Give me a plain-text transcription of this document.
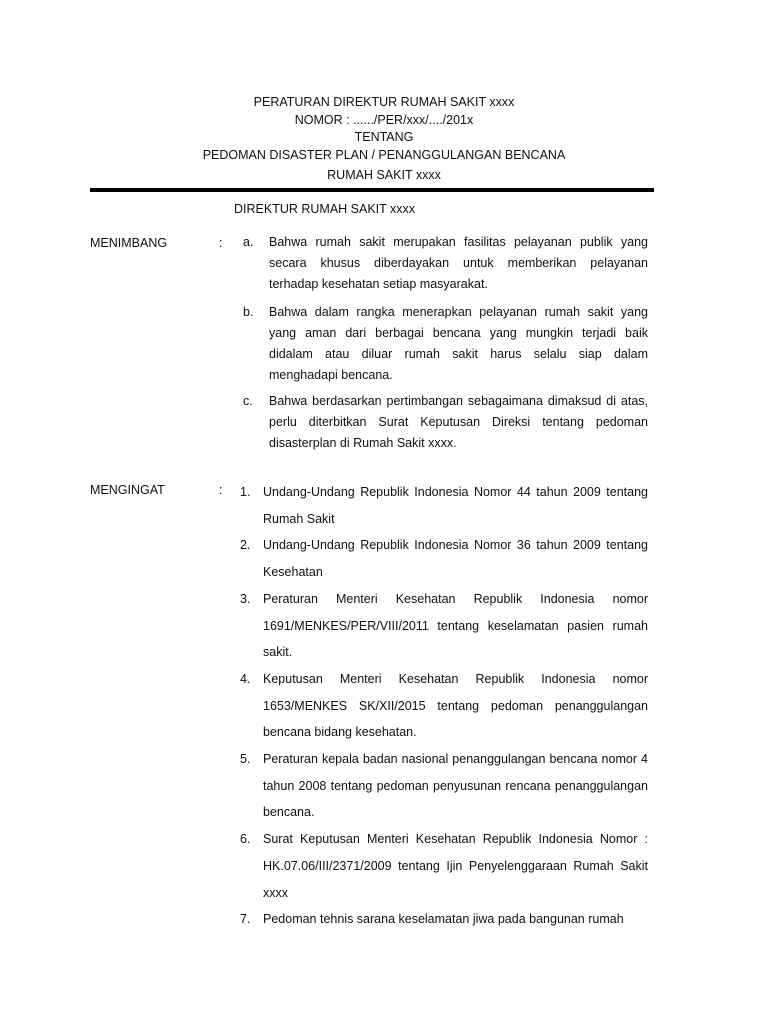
PERATURAN DIREKTUR RUMAH SAKIT xxxx
NOMOR : ....../PER/xxx/..../201x
TENTANG
PEDOMAN DISASTER PLAN / PENANGGULANGAN BENCANA
RUMAH SAKIT xxxx
DIREKTUR RUMAH SAKIT xxxx
MENIMBANG	: a.	Bahwa rumah sakit merupakan fasilitas pelayanan publik yang secara khusus diberdayakan untuk memberikan pelayanan terhadap kesehatan setiap masyarakat.
b.	Bahwa dalam rangka menerapkan pelayanan rumah sakit yang yang aman dari berbagai bencana yang mungkin terjadi baik didalam atau diluar rumah sakit harus selalu siap dalam menghadapi bencana.
c.	Bahwa berdasarkan pertimbangan sebagaimana dimaksud di atas, perlu diterbitkan Surat Keputusan Direksi tentang pedoman disasterplan di Rumah Sakit xxxx.
MENGINGAT	: 1.	Undang-Undang Republik Indonesia Nomor 44 tahun 2009 tentang Rumah Sakit
2.	Undang-Undang Republik Indonesia Nomor 36 tahun 2009 tentang Kesehatan
3.	Peraturan Menteri Kesehatan Republik Indonesia nomor 1691/MENKES/PER/VIII/2011 tentang keselamatan pasien rumah sakit.
4.	Keputusan Menteri Kesehatan Republik Indonesia nomor 1653/MENKES SK/XII/2015 tentang pedoman penanggulangan bencana bidang kesehatan.
5.	Peraturan kepala badan nasional penanggulangan bencana nomor 4 tahun 2008 tentang pedoman penyusunan rencana penanggulangan bencana.
6.	Surat Keputusan Menteri Kesehatan Republik Indonesia Nomor : HK.07.06/III/2371/2009 tentang Ijin Penyelenggaraan Rumah Sakit xxxx
7.	Pedoman tehnis sarana keselamatan jiwa pada bangunan rumah
